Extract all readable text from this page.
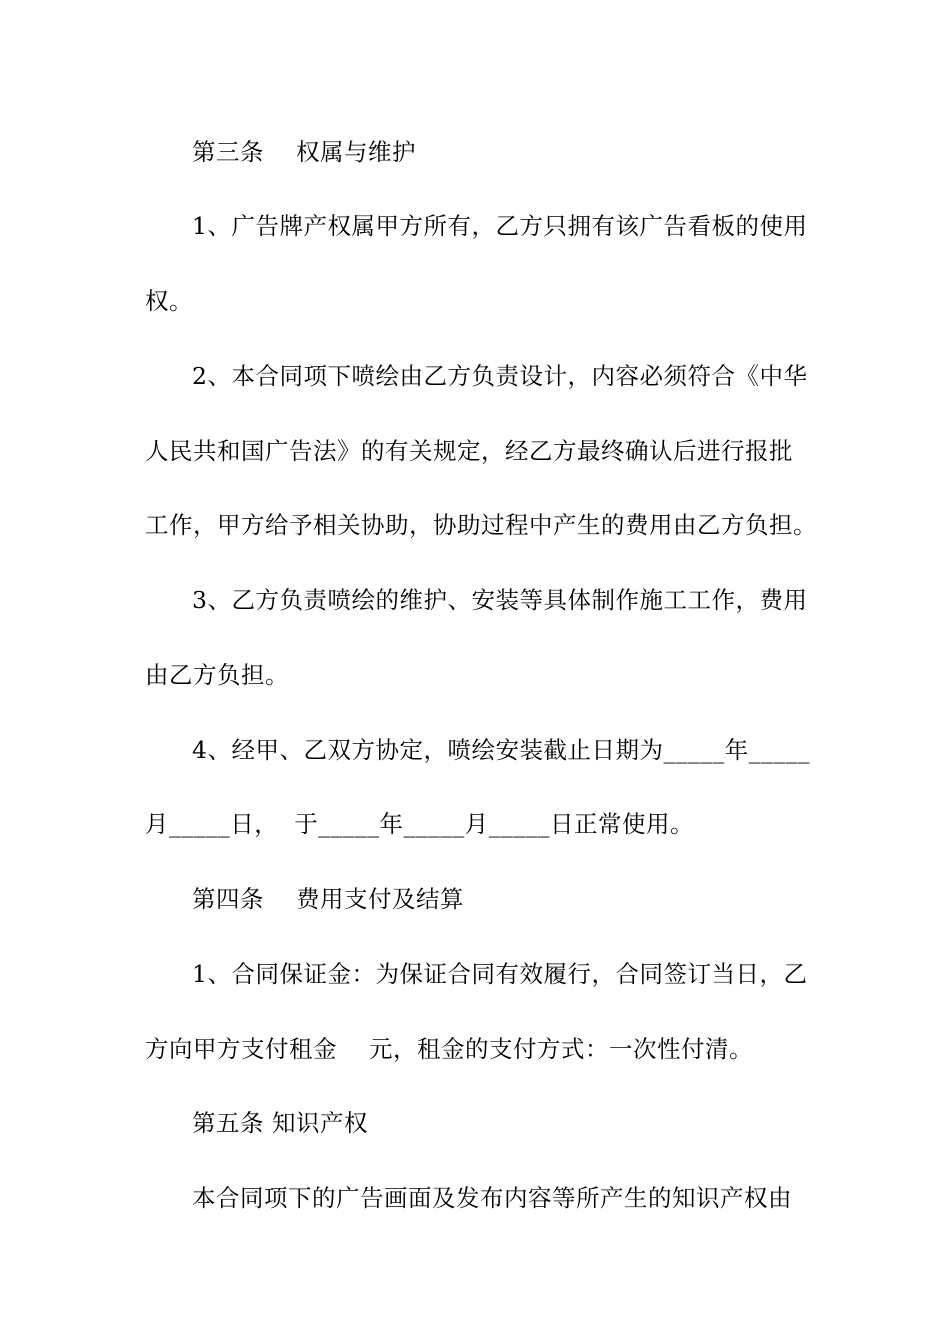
第三条　 权属与维护
1、广告牌产权属甲方所有，乙方只拥有该广告看板的使用
权。
2、本合同项下喷绘由乙方负责设计，内容必须符合《中华
人民共和国广告法》的有关规定，经乙方最终确认后进行报批
工作，甲方给予相关协助，协助过程中产生的费用由乙方负担。
3、乙方负责喷绘的维护、安装等具体制作施工工作，费用
由乙方负担。
4、经甲、乙双方协定，喷绘安装截止日期为_____年_____
月_____日，  于_____年_____月_____日正常使用。
第四条　 费用支付及结算
1、合同保证金：为保证合同有效履行，合同签订当日，乙
方向甲方支付租金　 元，租金的支付方式：一次性付清。
第五条 知识产权
本合同项下的广告画面及发布内容等所产生的知识产权由
